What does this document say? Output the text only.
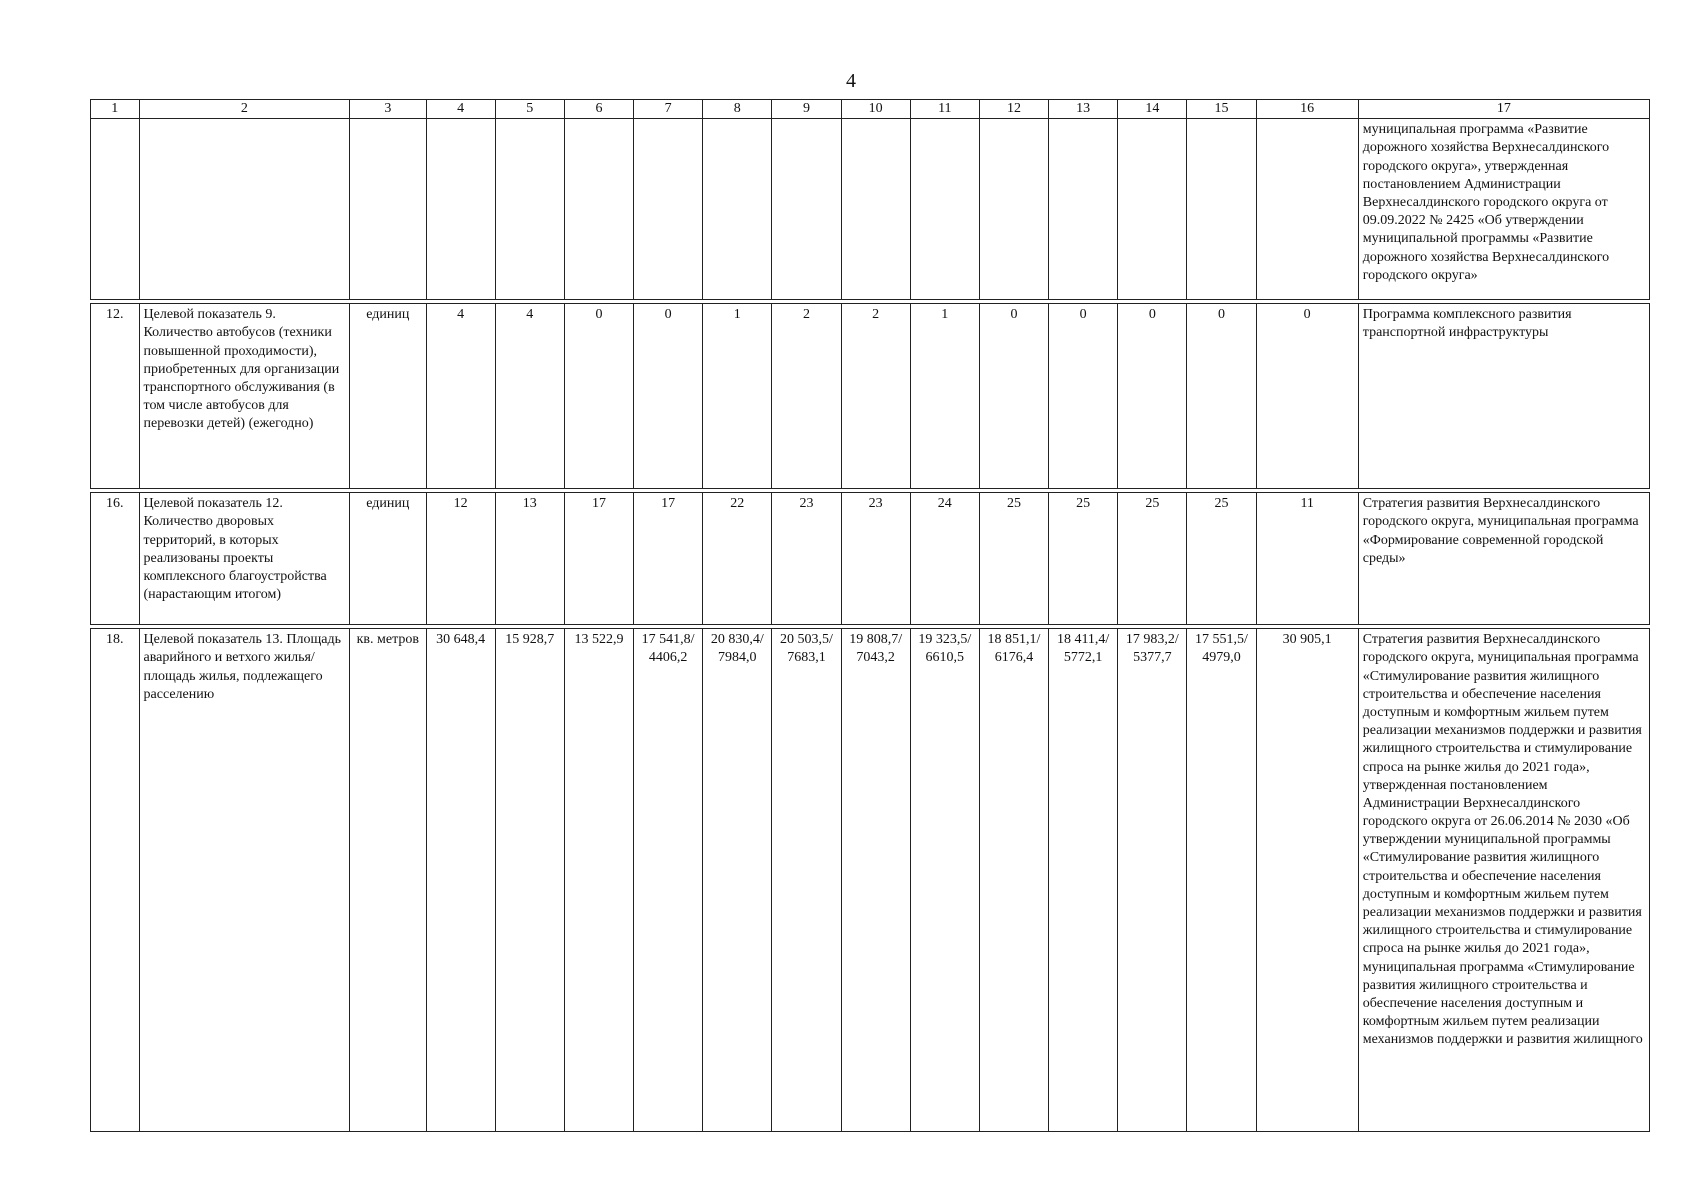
4
1	2	3	4	5	6	7	8	9	10	11	12	13	14	15	16	17
																муниципальная программа «Развитие дорожного хозяйства Верхнесалдинского городского округа», утвержденная постановлением Администрации Верхнесалдинского городского округа от 09.09.2022 № 2425 «Об утверждении муниципальной программы «Развитие дорожного хозяйства Верхнесалдинского городского округа»

12.	Целевой показатель 9. Количество автобусов (техники повышенной проходимости), приобретенных для организации транспортного обслуживания (в том числе автобусов для перевозки детей) (ежегодно)	единиц	4	4	0	0	1	2	2	1	0	0	0	0	0	Программа комплексного развития транспортной инфраструктуры

16.	Целевой показатель 12. Количество дворовых территорий, в которых реализованы проекты комплексного благоустройства (нарастающим итогом)	единиц	12	13	17	17	22	23	23	24	25	25	25	25	11	Стратегия развития Верхнесалдинского городского округа, муниципальная программа «Формирование современной городской среды»

18.	Целевой показатель 13. Площадь аварийного и ветхого жилья/ площадь жилья, подлежащего расселению	кв. метров	30 648,4	15 928,7	13 522,9	17 541,8/ 4406,2	20 830,4/ 7984,0	20 503,5/ 7683,1	19 808,7/ 7043,2	19 323,5/ 6610,5	18 851,1/ 6176,4	18 411,4/ 5772,1	17 983,2/ 5377,7	17 551,5/ 4979,0	30 905,1	Стратегия развития Верхнесалдинского городского округа, муниципальная программа «Стимулирование развития жилищного строительства и обеспечение населения доступным и комфортным жильем путем реализации механизмов поддержки и развития жилищного строительства и стимулирование спроса на рынке жилья до 2021 года», утвержденная постановлением Администрации Верхнесалдинского городского округа от 26.06.2014 № 2030 «Об утверждении муниципальной программы «Стимулирование развития жилищного строительства и обеспечение населения доступным и комфортным жильем путем реализации механизмов поддержки и развития жилищного строительства и стимулирование спроса на рынке жилья до 2021 года», муниципальная программа «Стимулирование развития жилищного строительства и обеспечение населения доступным и комфортным жильем путем реализации механизмов поддержки и развития жилищного
